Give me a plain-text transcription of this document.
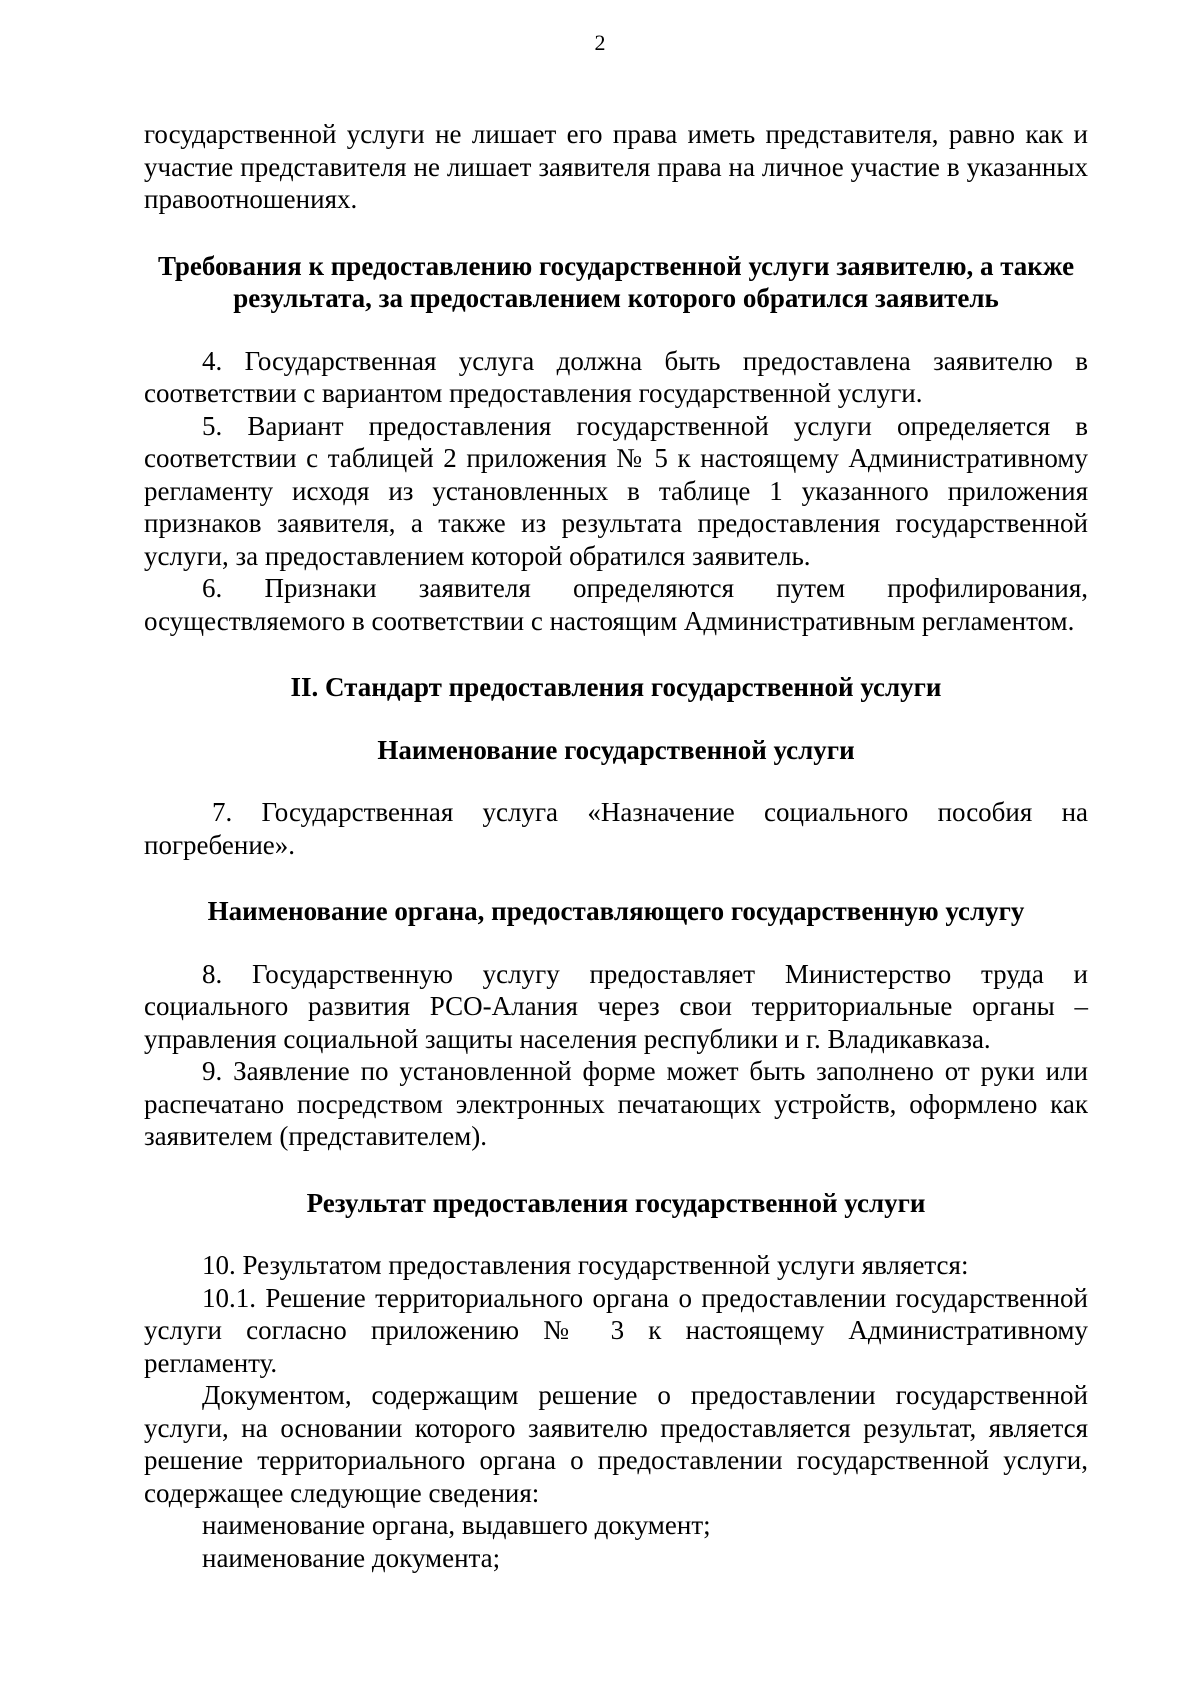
2

государственной услуги не лишает его права иметь представителя, равно как и участие представителя не лишает заявителя права на личное участие в указанных правоотношениях.

Требования к предоставлению государственной услуги заявителю, а также результата, за предоставлением которого обратился заявитель

4. Государственная услуга должна быть предоставлена заявителю в соответствии с вариантом предоставления государственной услуги.

5. Вариант предоставления государственной услуги определяется в соответствии с таблицей 2 приложения № 5 к настоящему Административному регламенту исходя из установленных в таблице 1 указанного приложения признаков заявителя, а также из результата предоставления государственной услуги, за предоставлением которой обратился заявитель.

6. Признаки заявителя определяются путем профилирования, осуществляемого в соответствии с настоящим Административным регламентом.

II. Стандарт предоставления государственной услуги
Наименование государственной услуги

7. Государственная услуга «Назначение социального пособия на погребение».

Наименование органа, предоставляющего государственную услугу

8. Государственную услугу предоставляет Министерство труда и социального развития РСО-Алания через свои территориальные органы – управления социальной защиты населения республики и г. Владикавказа.

9. Заявление по установленной форме может быть заполнено от руки или распечатано посредством электронных печатающих устройств, оформлено как заявителем (представителем).

Результат предоставления государственной услуги

10. Результатом предоставления государственной услуги является:

10.1. Решение территориального органа о предоставлении государственной услуги согласно приложению № 3 к настоящему Административному регламенту.

Документом, содержащим решение о предоставлении государственной услуги, на основании которого заявителю предоставляется результат, является решение территориального органа о предоставлении государственной услуги, содержащее следующие сведения:

наименование органа, выдавшего документ;

наименование документа;
